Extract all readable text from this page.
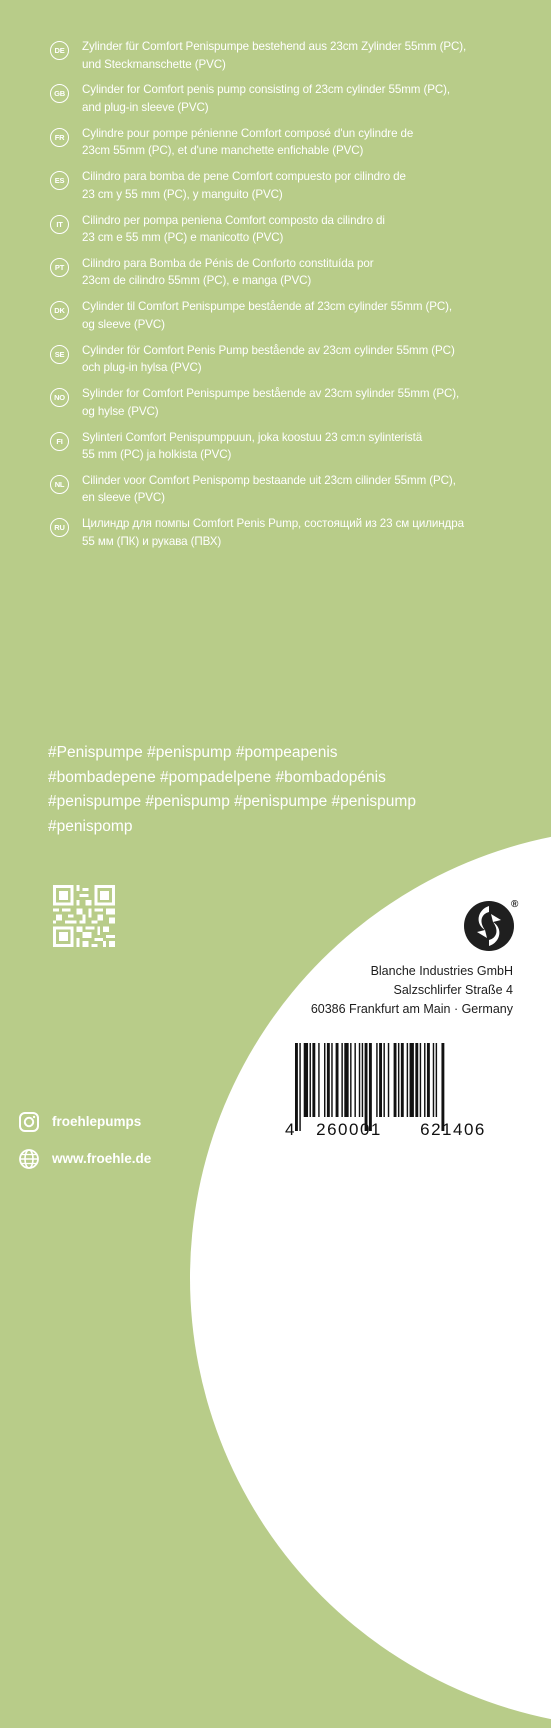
DE	Zylinder für Comfort Penispumpe bestehend aus 23cm Zylinder 55mm (PC),
und Steckmanschette (PVC)
GB	Cylinder for Comfort penis pump consisting of 23cm cylinder 55mm (PC),
and plug-in sleeve (PVC)
FR	Cylindre pour pompe pénienne Comfort composé d'un cylindre de
23cm 55mm (PC), et d'une manchette enfichable (PVC)
ES	Cilindro para bomba de pene Comfort compuesto por cilindro de
23 cm y 55 mm (PC), y manguito (PVC)
IT	Cilindro per pompa peniena Comfort composto da cilindro di
23 cm e 55 mm (PC) e manicotto (PVC)
PT	Cilindro para Bomba de Pénis de Conforto constituída por
23cm de cilindro 55mm (PC), e manga (PVC)
DK	Cylinder til Comfort Penispumpe bestående af 23cm cylinder 55mm (PC),
og sleeve (PVC)
SE	Cylinder för Comfort Penis Pump bestående av 23cm cylinder 55mm (PC)
och plug-in hylsa (PVC)
NO	Sylinder for Comfort Penispumpe bestående av 23cm sylinder 55mm (PC),
og hylse (PVC)
FI	Sylinteri Comfort Penispumppuun, joka koostuu 23 cm:n sylinteristä
55 mm (PC) ja holkista (PVC)
NL	Cilinder voor Comfort Penispomp bestaande uit 23cm cilinder 55mm (PC),
en sleeve (PVC)
RU	Цилиндр для помпы Comfort Penis Pump, состоящий из 23 см цилиндра
55 мм (ПК) и рукава (ПВХ)
#Penispumpe #penispump #pompeapenis
#bombadepene #pompadelpene #bombadopénis
#penispumpe #penispump #penispumpe #penispump
#penispomp
®
Blanche Industries GmbH
Salzschlirfer Straße 4
60386 Frankfurt am Main · Germany
4 260001 621406
froehlepumps
www.froehle.de
